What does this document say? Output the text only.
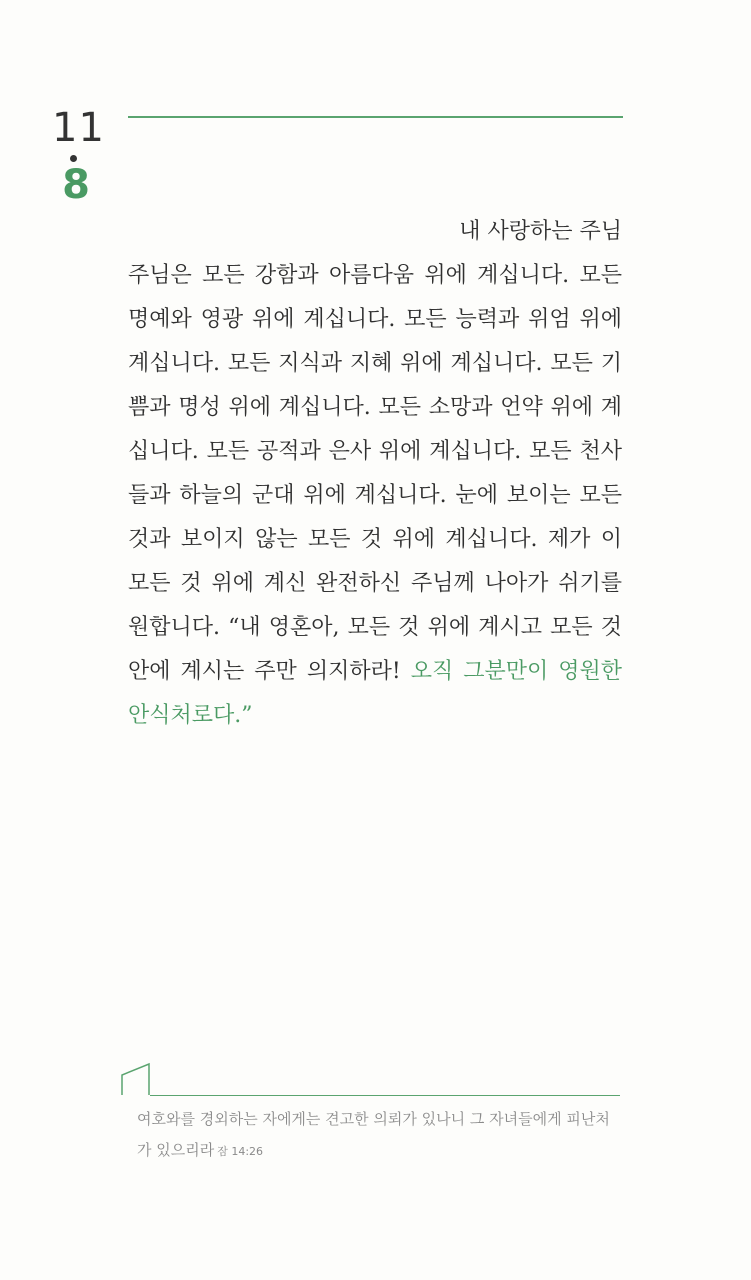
11
8

내 사랑하는 주님

주님은 모든 강함과 아름다움 위에 계십니다. 모든 명예와 영광 위에 계십니다. 모든 능력과 위엄 위에 계십니다. 모든 지식과 지혜 위에 계십니다. 모든 기쁨과 명성 위에 계십니다. 모든 소망과 언약 위에 계십니다. 모든 공적과 은사 위에 계십니다. 모든 천사들과 하늘의 군대 위에 계십니다. 눈에 보이는 모든 것과 보이지 않는 모든 것 위에 계십니다. 제가 이 모든 것 위에 계신 완전하신 주님께 나아가 쉬기를 원합니다. “내 영혼아, 모든 것 위에 계시고 모든 것 안에 계시는 주만 의지하라! 오직 그분만이 영원한 안식처로다.”

여호와를 경외하는 자에게는 견고한 의뢰가 있나니 그 자녀들에게 피난처가 있으리라 잠 14:26
